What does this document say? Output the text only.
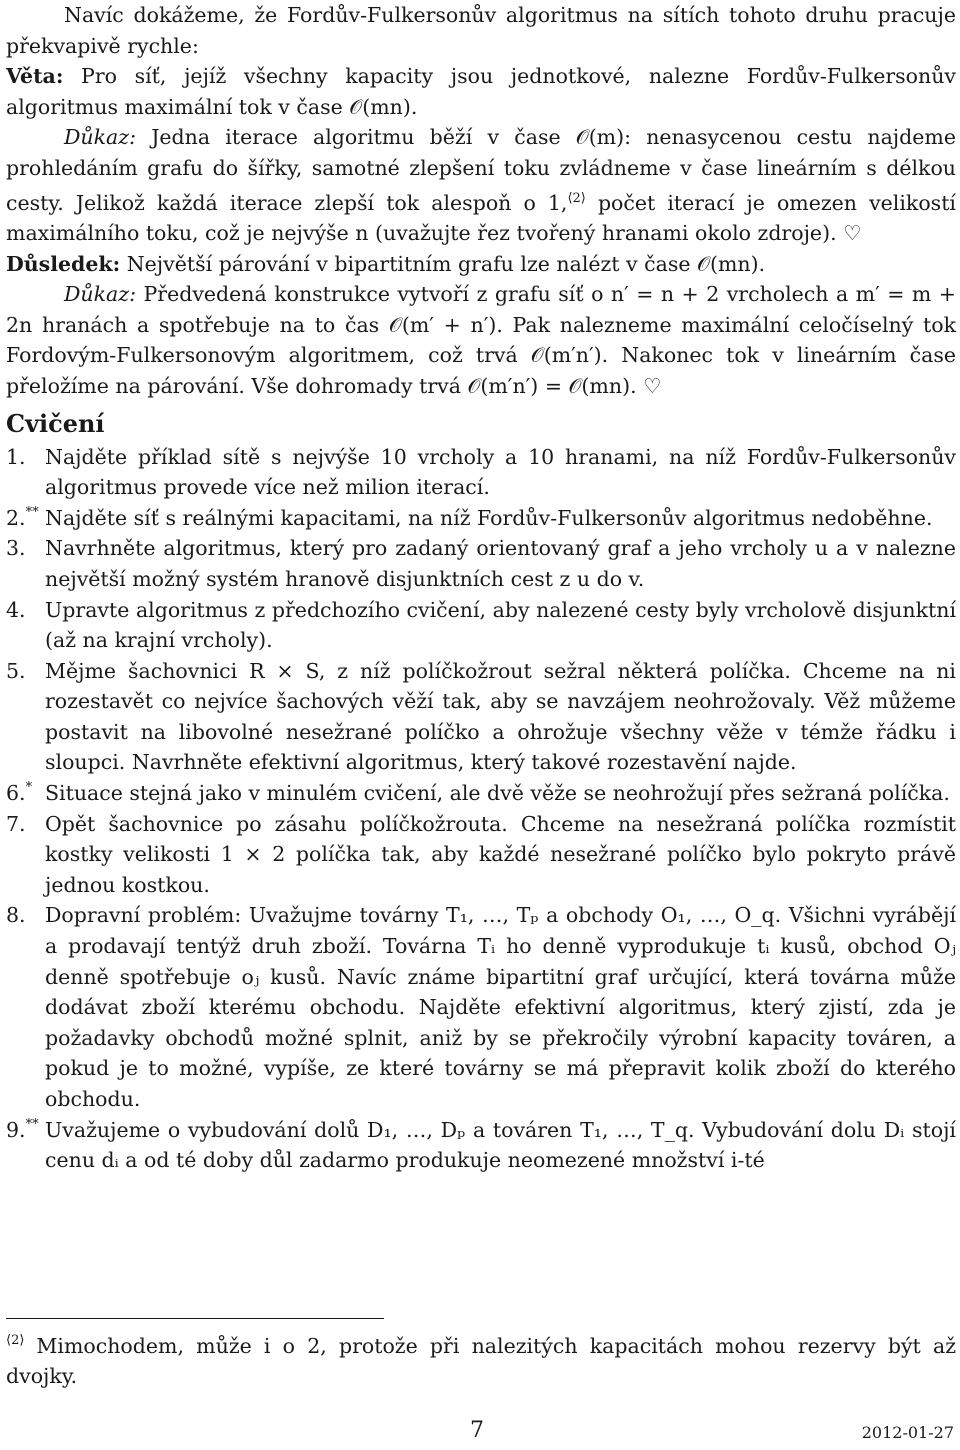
Navíc dokážeme, že Fordův-Fulkersonův algoritmus na sítích tohoto druhu pracuje překvapivě rychle:

Věta: Pro síť, jejíž všechny kapacity jsou jednotkové, nalezne Fordův-Fulkersonův algoritmus maximální tok v čase 𝒪(mn).

Důkaz: Jedna iterace algoritmu běží v čase 𝒪(m): nenasycenou cestu najdeme prohledáním grafu do šířky, samotné zlepšení toku zvládneme v čase lineárním s délkou cesty. Jelikož každá iterace zlepší tok alespoň o 1,$^{⟨2⟩}$ počet iterací je omezen velikostí maximálního toku, což je nejvýše n (uvažujte řez tvořený hranami okolo zdroje). ♡

Důsledek: Největší párování v bipartitním grafu lze nalézt v čase 𝒪(mn).

Důkaz: Předvedená konstrukce vytvoří z grafu síť o n′ = n + 2 vrcholech a m′ = m + 2n hranách a spotřebuje na to čas 𝒪(m′ + n′). Pak nalezneme maximální celočíselný tok Fordovým-Fulkersonovým algoritmem, což trvá 𝒪(m′n′). Nakonec tok v lineárním čase přeložíme na párování. Vše dohromady trvá 𝒪(m′n′) = 𝒪(mn). ♡

Cvičení
1. Najděte příklad sítě s nejvýše 10 vrcholy a 10 hranami, na níž Fordův-Fulkersonův algoritmus provede více než milion iterací.
2.** Najděte síť s reálnými kapacitami, na níž Fordův-Fulkersonův algoritmus nedoběhne.
3. Navrhněte algoritmus, který pro zadaný orientovaný graf a jeho vrcholy u a v nalezne největší možný systém hranově disjunktních cest z u do v.
4. Upravte algoritmus z předchozího cvičení, aby nalezené cesty byly vrcholově disjunktní (až na krajní vrcholy).
5. Mějme šachovnici R × S, z níž políčkožrout sežral některá políčka. Chceme na ni rozestavět co nejvíce šachových věží tak, aby se navzájem neohrožovaly. Věž můžeme postavit na libovolné nesežrané políčko a ohrožuje všechny věže v témže řádku i sloupci. Navrhněte efektivní algoritmus, který takové rozestavění najde.
6.* Situace stejná jako v minulém cvičení, ale dvě věže se neohrožují přes sežraná políčka.
7. Opět šachovnice po zásahu políčkožrouta. Chceme na nesežraná políčka rozmístit kostky velikosti 1 × 2 políčka tak, aby každé nesežrané políčko bylo pokryto právě jednou kostkou.
8. Dopravní problém: Uvažujme továrny T₁, …, Tₚ a obchody O₁, …, O_q. Všichni vyrábějí a prodavají tentýž druh zboží. Továrna Tᵢ ho denně vyprodukuje tᵢ kusů, obchod Oⱼ denně spotřebuje oⱼ kusů. Navíc známe bipartitní graf určující, která továrna může dodávat zboží kterému obchodu. Najděte efektivní algoritmus, který zjistí, zda je požadavky obchodů možné splnit, aniž by se překročily výrobní kapacity továren, a pokud je to možné, vypíše, ze které továrny se má přepravit kolik zboží do kterého obchodu.
9.** Uvažujeme o vybudování dolů D₁, …, Dₚ a továren T₁, …, T_q. Vybudování dolu Dᵢ stojí cenu dᵢ a od té doby důl zadarmo produkuje neomezené množství i-té
$^{⟨2⟩}$ Mimochodem, může i o 2, protože při nalezitých kapacitách mohou rezervy být až dvojky.
7	2012-01-27
